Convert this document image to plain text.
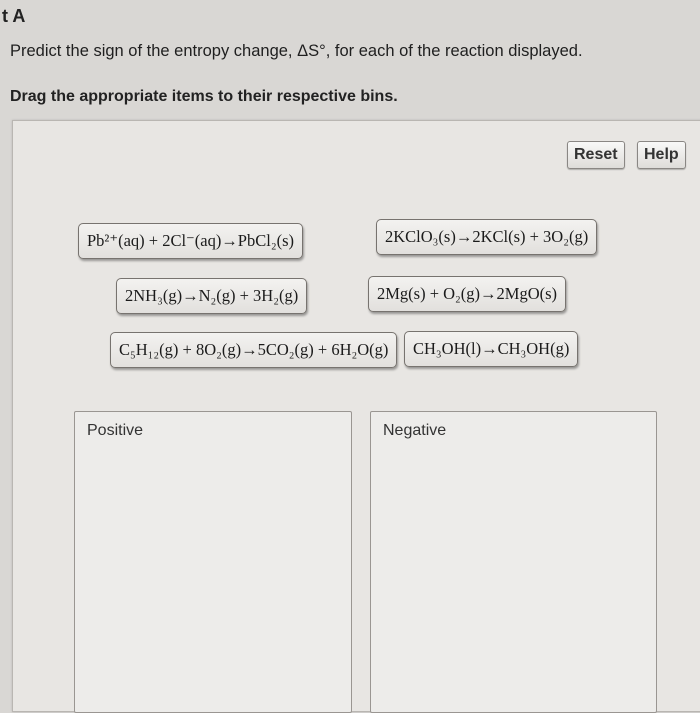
t A
Predict the sign of the entropy change, ΔS°, for each of the reaction displayed.
Drag the appropriate items to their respective bins.
Reset	Help
Pb²⁺(aq) + 2Cl⁻(aq)→PbCl₂(s)	2KClO₃(s)→2KCl(s) + 3O₂(g)
2NH₃(g)→N₂(g) + 3H₂(g)	2Mg(s) + O₂(g)→2MgO(s)
C₅H₁₂(g) + 8O₂(g)→5CO₂(g) + 6H₂O(g)	CH₃OH(l)→CH₃OH(g)
Positive	Negative
